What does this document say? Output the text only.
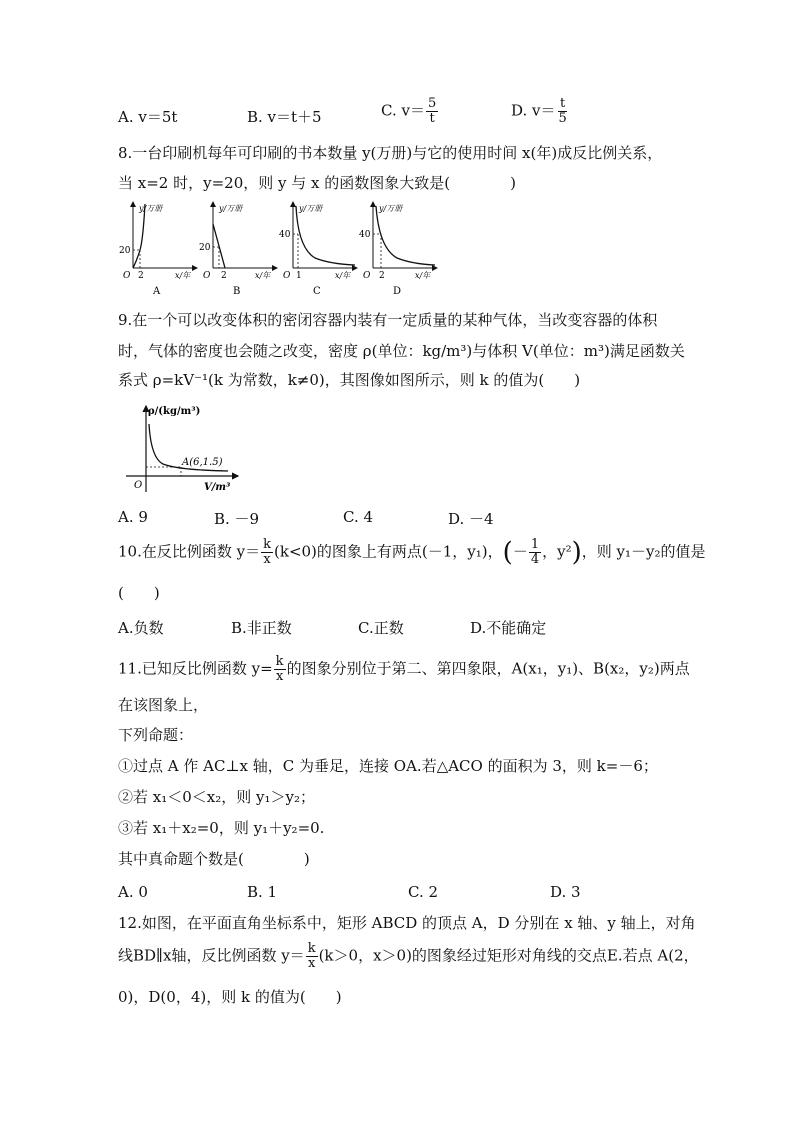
A. v＝5t	B. v＝t＋5	C. $v= \frac{5}{t}$	D. $v= \frac{t}{5}$
8.一台印刷机每年可印刷的书本数量 y(万册)与它的使用时间 x(年)成反比例关系，
当 x=2 时，y=20，则 y 与 x 的函数图象大致是(　　　　)
y/万册
20
2
O	x/年
A
y/万册
20
2
O	x/年
B
y/万册
40
1
O	x/年
C
y/万册
40
2
O	x/年
D
9.在一个可以改变体积的密闭容器内装有一定质量的某种气体，当改变容器的体积
时，气体的密度也会随之改变，密度 ρ(单位：kg/m³)与体积 V(单位：m³)满足函数关
系式 ρ=kV⁻¹(k 为常数，k≠0)，其图像如图所示，则 k 的值为(　　)
ρ/(kg/m³)
A(6,1.5)
O	V/m³
A. 9	B. －9	C. 4	D. －4
10.在反比例函数 $y= \frac{k}{x} (k<0)$的图象上有两点(－1，y₁)，(－ $\frac{1}{4}$ ，y²)，则 y₁－y₂的值是
(　　)
A.负数	B.非正数	C.正数	D.不能确定
11.已知反比例函数 $y= \frac{k}{x}$ 的图象分别位于第二、第四象限，A(x₁，y₁)、B(x₂，y₂)两点
在该图象上，
下列命题：
①过点 A 作 AC⊥x 轴，C 为垂足，连接 OA.若△ACO 的面积为 3，则 k=－6；
②若 x₁＜0＜x₂，则 y₁＞y₂；
③若 x₁＋x₂=0，则 y₁＋y₂=0.
其中真命题个数是(　　　　)
A. 0	B. 1	C. 2	D. 3
12.如图，在平面直角坐标系中，矩形 ABCD 的顶点 A，D 分别在 x 轴、y 轴上，对角
线BD∥x轴，反比例函数 $y= \frac{k}{x} (k>0$，x＞0)的图象经过矩形对角线的交点E.若点 A(2，
0)，D(0，4)，则 k 的值为(　　)
